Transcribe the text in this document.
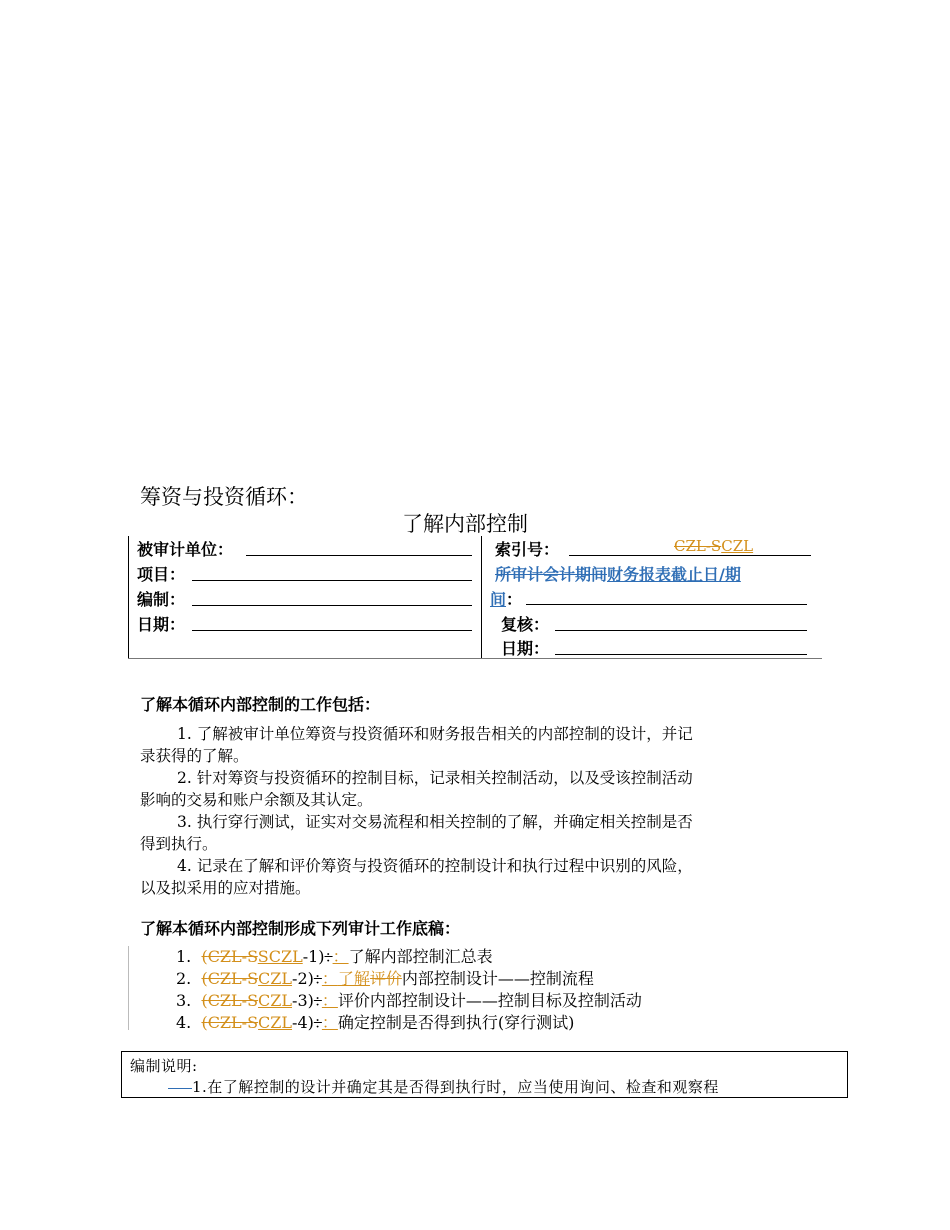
筹资与投资循环：
了解内部控制
被审计单位：
项目：
编制：
日期：
索引号：	CZL-SCZL
所审计会计期间财务报表截止日/期
间：
复核：
日期：
了解本循环内部控制的工作包括：
1. 了解被审计单位筹资与投资循环和财务报告相关的内部控制的设计，并记
录获得的了解。
2. 针对筹资与投资循环的控制目标，记录相关控制活动，以及受该控制活动
影响的交易和账户余额及其认定。
3. 执行穿行测试，证实对交易流程和相关控制的了解，并确定相关控制是否
得到执行。
4. 记录在了解和评价筹资与投资循环的控制设计和执行过程中识别的风险，
以及拟采用的应对措施。
了解本循环内部控制形成下列审计工作底稿：
1. (CZL-SSCZL-1)：：了解内部控制汇总表
2. (CZL-SCZL-2)：：了解评价内部控制设计——控制流程
3. (CZL-SCZL-3)：：评价内部控制设计——控制目标及控制活动
4. (CZL-SCZL-4)：：确定控制是否得到执行(穿行测试)
编制说明:
1.在了解控制的设计并确定其是否得到执行时，应当使用询问、检查和观察程
